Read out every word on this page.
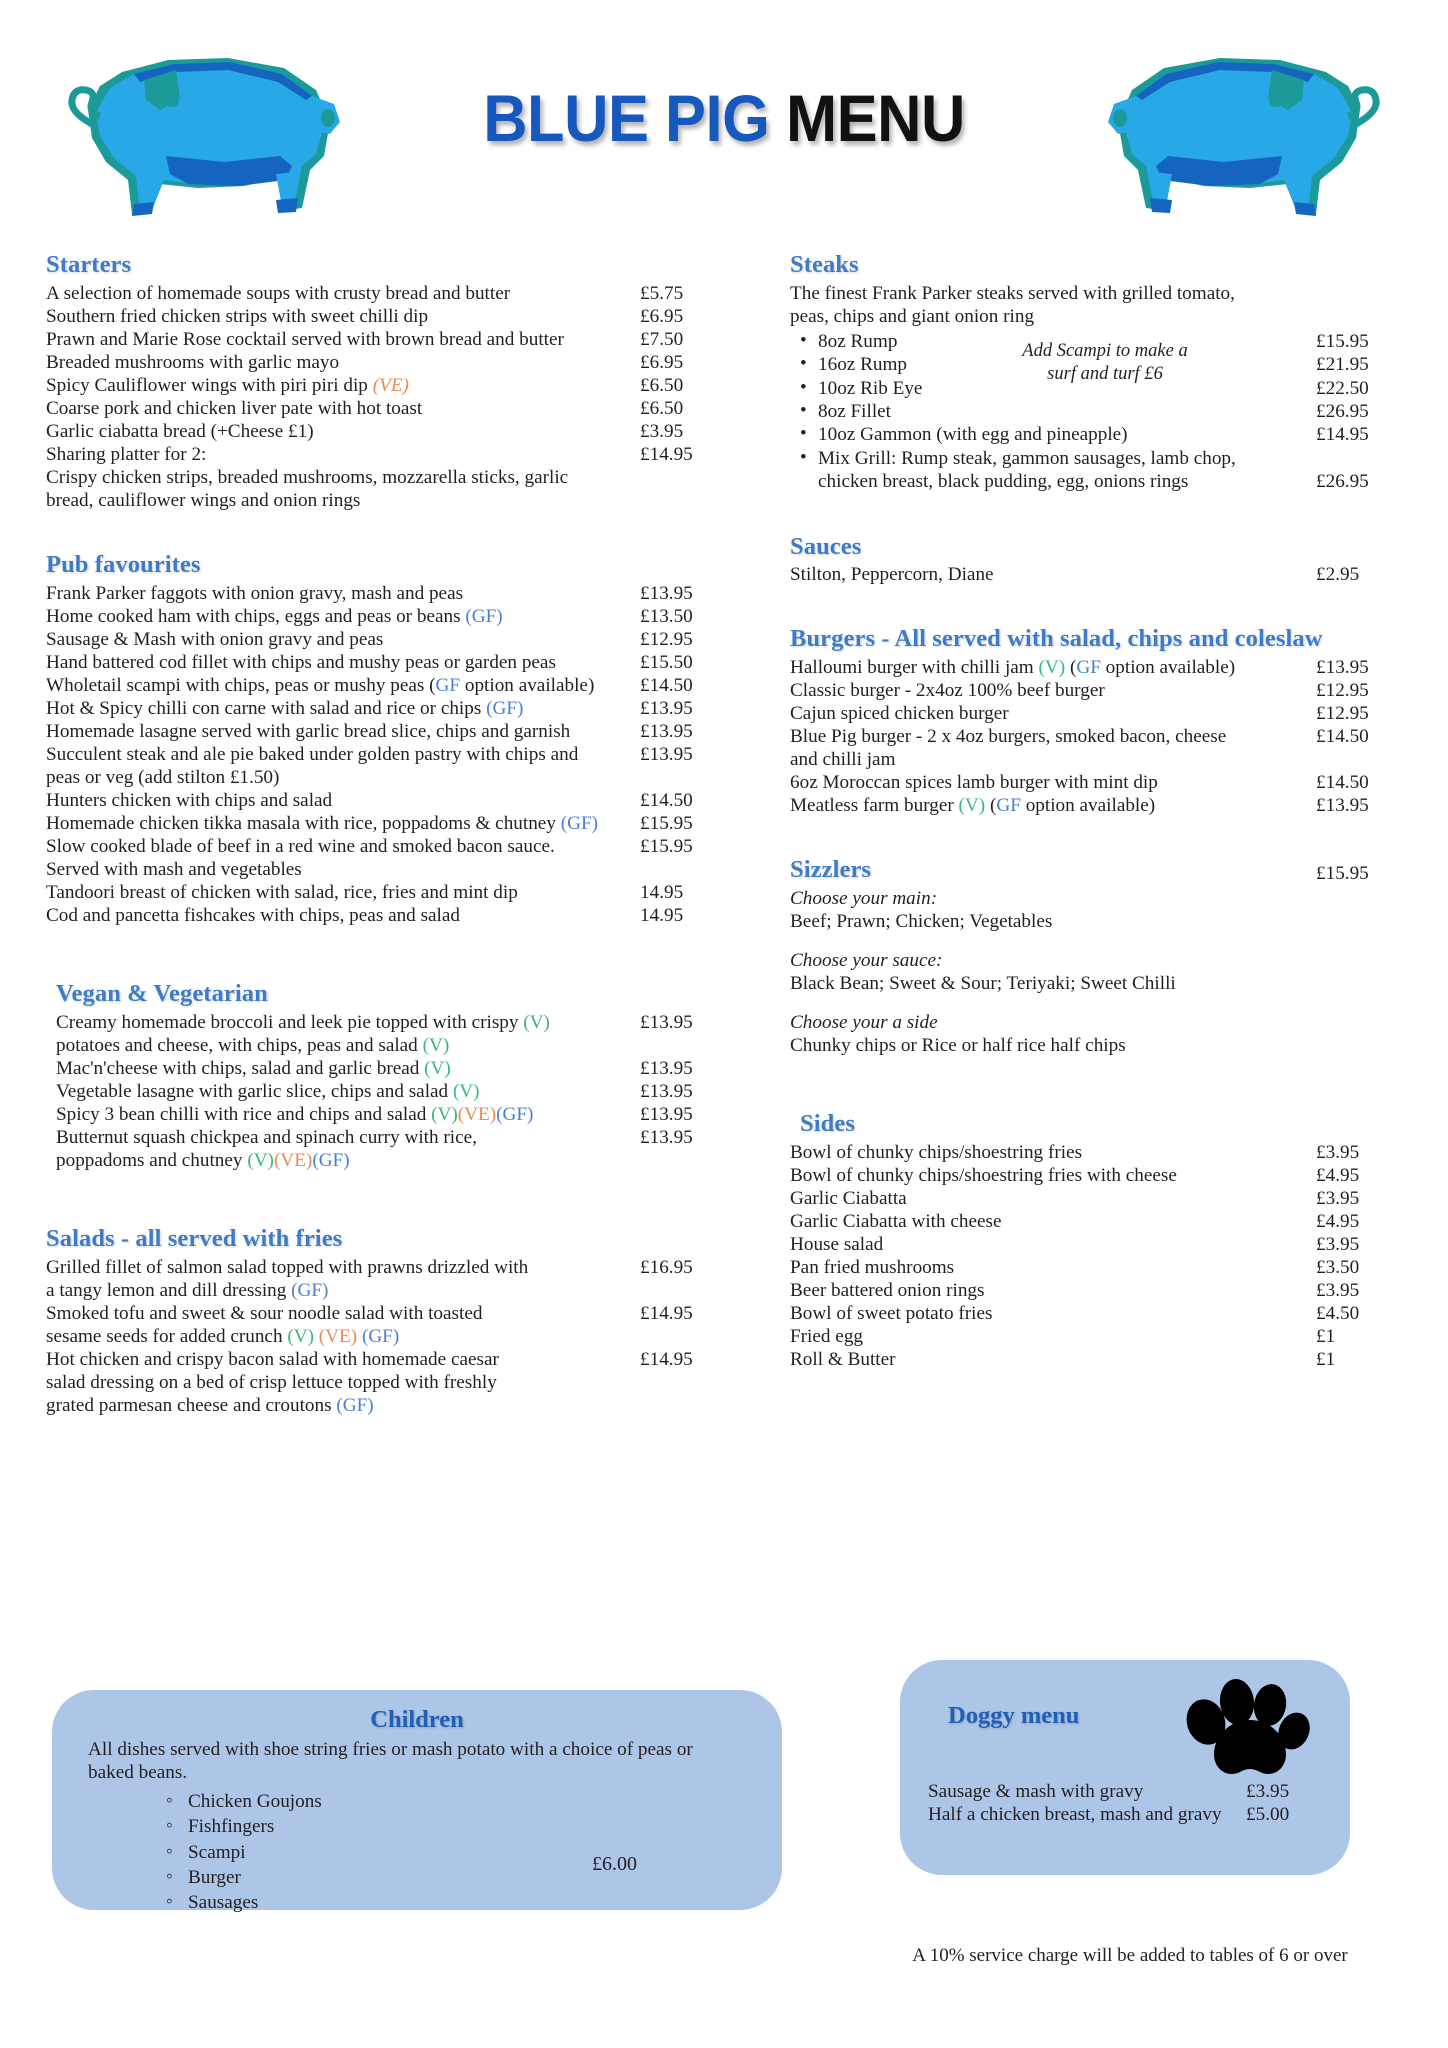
BLUE PIG MENU
Starters
A selection of homemade soups with crusty bread and butter	£5.75
Southern fried chicken strips with sweet chilli dip	£6.95
Prawn and Marie Rose cocktail served with brown bread and butter	£7.50
Breaded mushrooms with garlic mayo	£6.95
Spicy Cauliflower wings with piri piri dip (VE)	£6.50
Coarse pork and chicken liver pate with hot toast	£6.50
Garlic ciabatta bread (+Cheese £1)	£3.95
Sharing platter for 2:	£14.95
Crispy chicken strips, breaded mushrooms, mozzarella sticks, garlic
bread, cauliflower wings and onion rings
Pub favourites
Frank Parker faggots with onion gravy, mash and peas	£13.95
Home cooked ham with chips, eggs and peas or beans (GF)	£13.50
Sausage & Mash with onion gravy and peas	£12.95
Hand battered cod fillet with chips and mushy peas or garden peas	£15.50
Wholetail scampi with chips, peas or mushy peas (GF option available)	£14.50
Hot & Spicy chilli con carne with salad and rice or chips (GF)	£13.95
Homemade lasagne served with garlic bread slice, chips and garnish	£13.95
Succulent steak and ale pie baked under golden pastry with chips and	£13.95
peas or veg (add stilton £1.50)
Hunters chicken with chips and salad	£14.50
Homemade chicken tikka masala with rice, poppadoms & chutney (GF)	£15.95
Slow cooked blade of beef in a red wine and smoked bacon sauce.	£15.95
Served with mash and vegetables
Tandoori breast of chicken with salad, rice, fries and mint dip	14.95
Cod and pancetta fishcakes with chips, peas and salad	14.95
Vegan & Vegetarian
Creamy homemade broccoli and leek pie topped with crispy (V)	£13.95
potatoes and cheese, with chips, peas and salad (V)
Mac'n'cheese with chips, salad and garlic bread (V)	£13.95
Vegetable lasagne with garlic slice, chips and salad (V)	£13.95
Spicy 3 bean chilli with rice and chips and salad (V)(VE)(GF)	£13.95
Butternut squash chickpea and spinach curry with rice,	£13.95
poppadoms and chutney (V)(VE)(GF)
Salads - all served with fries
Grilled fillet of salmon salad topped with prawns drizzled with	£16.95
a tangy lemon and dill dressing (GF)
Smoked tofu and sweet & sour noodle salad with toasted	£14.95
sesame seeds for added crunch (V) (VE) (GF)
Hot chicken and crispy bacon salad with homemade caesar	£14.95
salad dressing on a bed of crisp lettuce topped with freshly
grated parmesan cheese and croutons (GF)
Steaks
The finest Frank Parker steaks served with grilled tomato,
peas, chips and giant onion ring
• 8oz Rump	£15.95
• 16oz Rump	£21.95
• 10oz Rib Eye	£22.50
• 8oz Fillet	£26.95
• 10oz Gammon (with egg and pineapple)	£14.95
• Mix Grill: Rump steak, gammon sausages, lamb chop,
chicken breast, black pudding, egg, onions rings	£26.95
Sauces
Stilton, Peppercorn, Diane	£2.95
Burgers - All served with salad, chips and coleslaw
Halloumi burger with chilli jam (V) (GF option available)	£13.95
Classic burger - 2x4oz 100% beef burger	£12.95
Cajun spiced chicken burger	£12.95
Blue Pig burger - 2 x 4oz burgers, smoked bacon, cheese	£14.50
and chilli jam
6oz Moroccan spices lamb burger with mint dip	£14.50
Meatless farm burger (V) (GF option available)	£13.95
Sizzlers	£15.95
Choose your main:
Beef; Prawn; Chicken; Vegetables
Choose your sauce:
Black Bean; Sweet & Sour; Teriyaki; Sweet Chilli
Choose your a side
Chunky chips or Rice or half rice half chips
Sides
Bowl of chunky chips/shoestring fries	£3.95
Bowl of chunky chips/shoestring fries with cheese	£4.95
Garlic Ciabatta	£3.95
Garlic Ciabatta with cheese	£4.95
House salad	£3.95
Pan fried mushrooms	£3.50
Beer battered onion rings	£3.95
Bowl of sweet potato fries	£4.50
Fried egg	£1
Roll & Butter	£1
Children
All dishes served with shoe string fries or mash potato with a choice of peas or
baked beans.
◦ Chicken Goujons
◦ Fishfingers
◦ Scampi
◦ Burger
◦ Sausages
£6.00
Doggy menu
Sausage & mash with gravy	£3.95
Half a chicken breast, mash and gravy	£5.00
Add Scampi to make a
surf and turf £6
A 10% service charge will be added to tables of 6 or over
